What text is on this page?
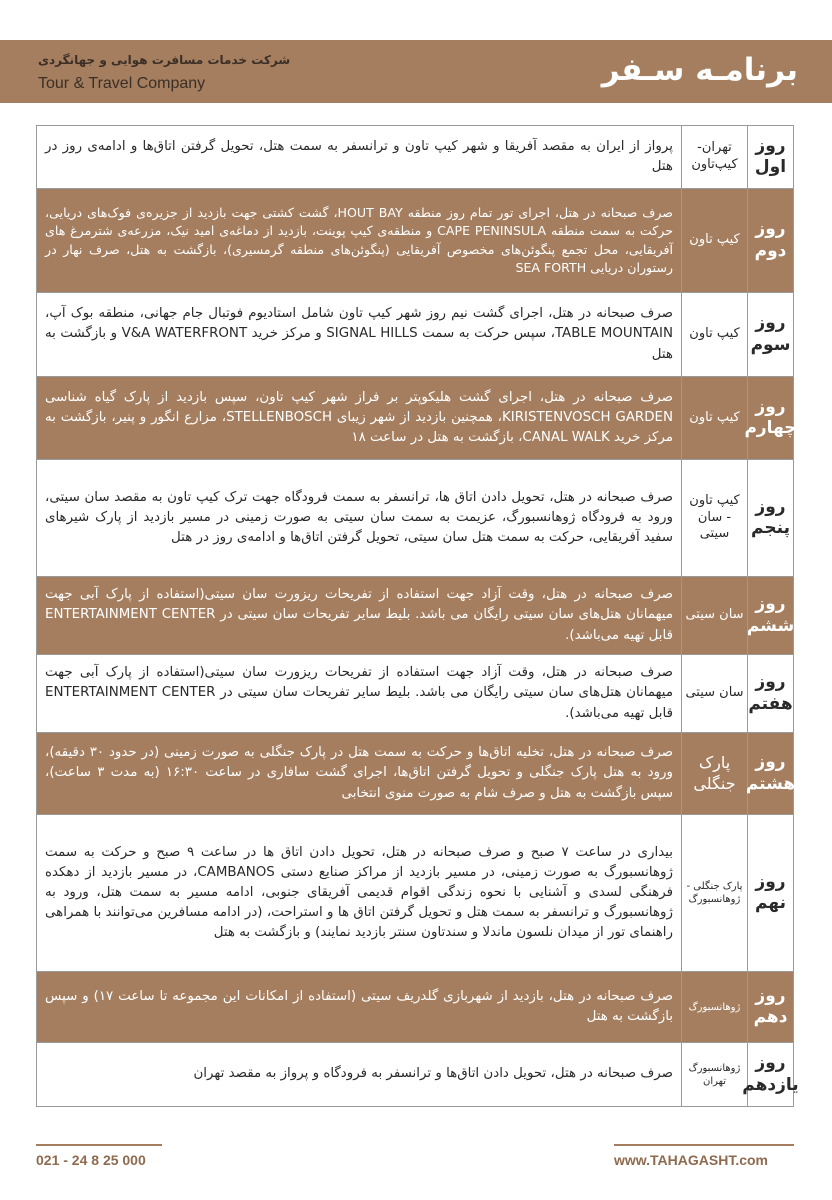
برنامـه سـفر
شرکت خدمات مسافرت هوایی و جهانگردی
Tour & Travel Company
روز اول
تهران- کیپ‌تاون
پرواز از ایران به مقصد آفریقا و شهر کیپ تاون و ترانسفر به سمت هتل، تحویل گرفتن اتاق‌ها و ادامه‌ی روز در هتل
روز دوم
کیپ تاون
صرف صبحانه در هتل، اجرای تور تمام روز منطقه HOUT BAY، گشت کشتی جهت بازدید از جزیره‌ی فوک‌های دریایی، حرکت به سمت منطقه CAPE PENINSULA و منطقه‌ی کیپ پوینت، بازدید از دماغه‌ی امید نیک، مزرعه‌ی شترمرغ های آفریقایی، محل تجمع پنگوئن‌های مخصوص آفریقایی (پنگوئن‌های منطقه گرمسیری)، بازگشت به هتل، صرف نهار در رستوران دریایی SEA FORTH
روز سوم
کیپ تاون
صرف صبحانه در هتل، اجرای گشت نیم روز شهر کیپ تاون شامل استادیوم فوتبال جام جهانی، منطقه بوک آپ، TABLE MOUNTAIN، سپس حرکت به سمت SIGNAL HILLS و مرکز خرید V&A WATERFRONT و بازگشت به هتل
روز چهارم
کیپ تاون
صرف صبحانه در هتل، اجرای گشت هلیکوپتر بر فراز شهر کیپ تاون، سپس بازدید از پارک گیاه شناسی KIRISTENVOSCH GARDEN، همچنین بازدید از شهر زیبای STELLENBOSCH، مزارع انگور و پنیر، بازگشت به مرکز خرید CANAL WALK، بازگشت به هتل در ساعت ۱۸
روز پنجم
کیپ تاون - سان سیتی
صرف صبحانه در هتل، تحویل دادن اتاق ها، ترانسفر به سمت فرودگاه جهت ترک کیپ تاون به مقصد سان سیتی، ورود به فرودگاه ژوهانسبورگ، عزیمت به سمت سان سیتی به صورت زمینی در مسیر بازدید از پارک شیرهای سفید آفریقایی، حرکت به سمت هتل سان سیتی، تحویل گرفتن اتاق‌ها و ادامه‌ی روز در هتل
روز ششم
سان سیتی
صرف صبحانه در هتل، وقت آزاد جهت استفاده از تفریحات ریزورت سان سیتی(استفاده از پارک آبی جهت میهمانان هتل‌های سان سیتی رایگان می باشد. بلیط سایر تفریحات سان سیتی در ENTERTAINMENT CENTER قابل تهیه می‌باشد).
روز هفتم
سان سیتی
صرف صبحانه در هتل، وقت آزاد جهت استفاده از تفریحات ریزورت سان سیتی(استفاده از پارک آبی جهت میهمانان هتل‌های سان سیتی رایگان می باشد. بلیط سایر تفریحات سان سیتی در ENTERTAINMENT CENTER قابل تهیه می‌باشد).
روز هشتم
پارک جنگلی
صرف صبحانه در هتل، تخلیه اتاق‌ها و حرکت به سمت هتل در پارک جنگلی به صورت زمینی (در حدود ۳۰ دقیقه)، ورود به هتل پارک جنگلی و تحویل گرفتن اتاق‌ها، اجرای گشت سافاری در ساعت ۱۶:۳۰ (به مدت ۳ ساعت)، سپس بازگشت به هتل و صرف شام به صورت منوی انتخابی
روز نهم
پارک جنگلی - ژوهانسبورگ
بیداری در ساعت ۷ صبح و صرف صبحانه در هتل، تحویل دادن اتاق ها در ساعت ۹ صبح و حرکت به سمت ژوهانسبورگ به صورت زمینی، در مسیر بازدید از مراکز صنایع دستی CAMBANOS، در مسیر بازدید از دهکده فرهنگی لسدی و آشنایی با نحوه زندگی اقوام قدیمی آفریقای جنوبی، ادامه مسیر به سمت هتل، ورود به ژوهانسبورگ و ترانسفر به سمت هتل و تحویل گرفتن اتاق ها و استراحت، (در ادامه مسافرین می‌توانند با همراهی راهنمای تور از میدان نلسون ماندلا و سندتاون سنتر بازدید نمایند) و بازگشت به هتل
روز دهم
ژوهانسبورگ
صرف صبحانه در هتل، بازدید از شهربازی گلدریف سیتی (استفاده از امکانات این مجموعه تا ساعت ۱۷) و سپس بازگشت به هتل
روز یازدهم
ژوهانسبورگ تهران
صرف صبحانه در هتل، تحویل دادن اتاق‌ها و ترانسفر به فرودگاه و پرواز به مقصد تهران
021 - 24 8 25 000	www.TAHAGASHT.com
